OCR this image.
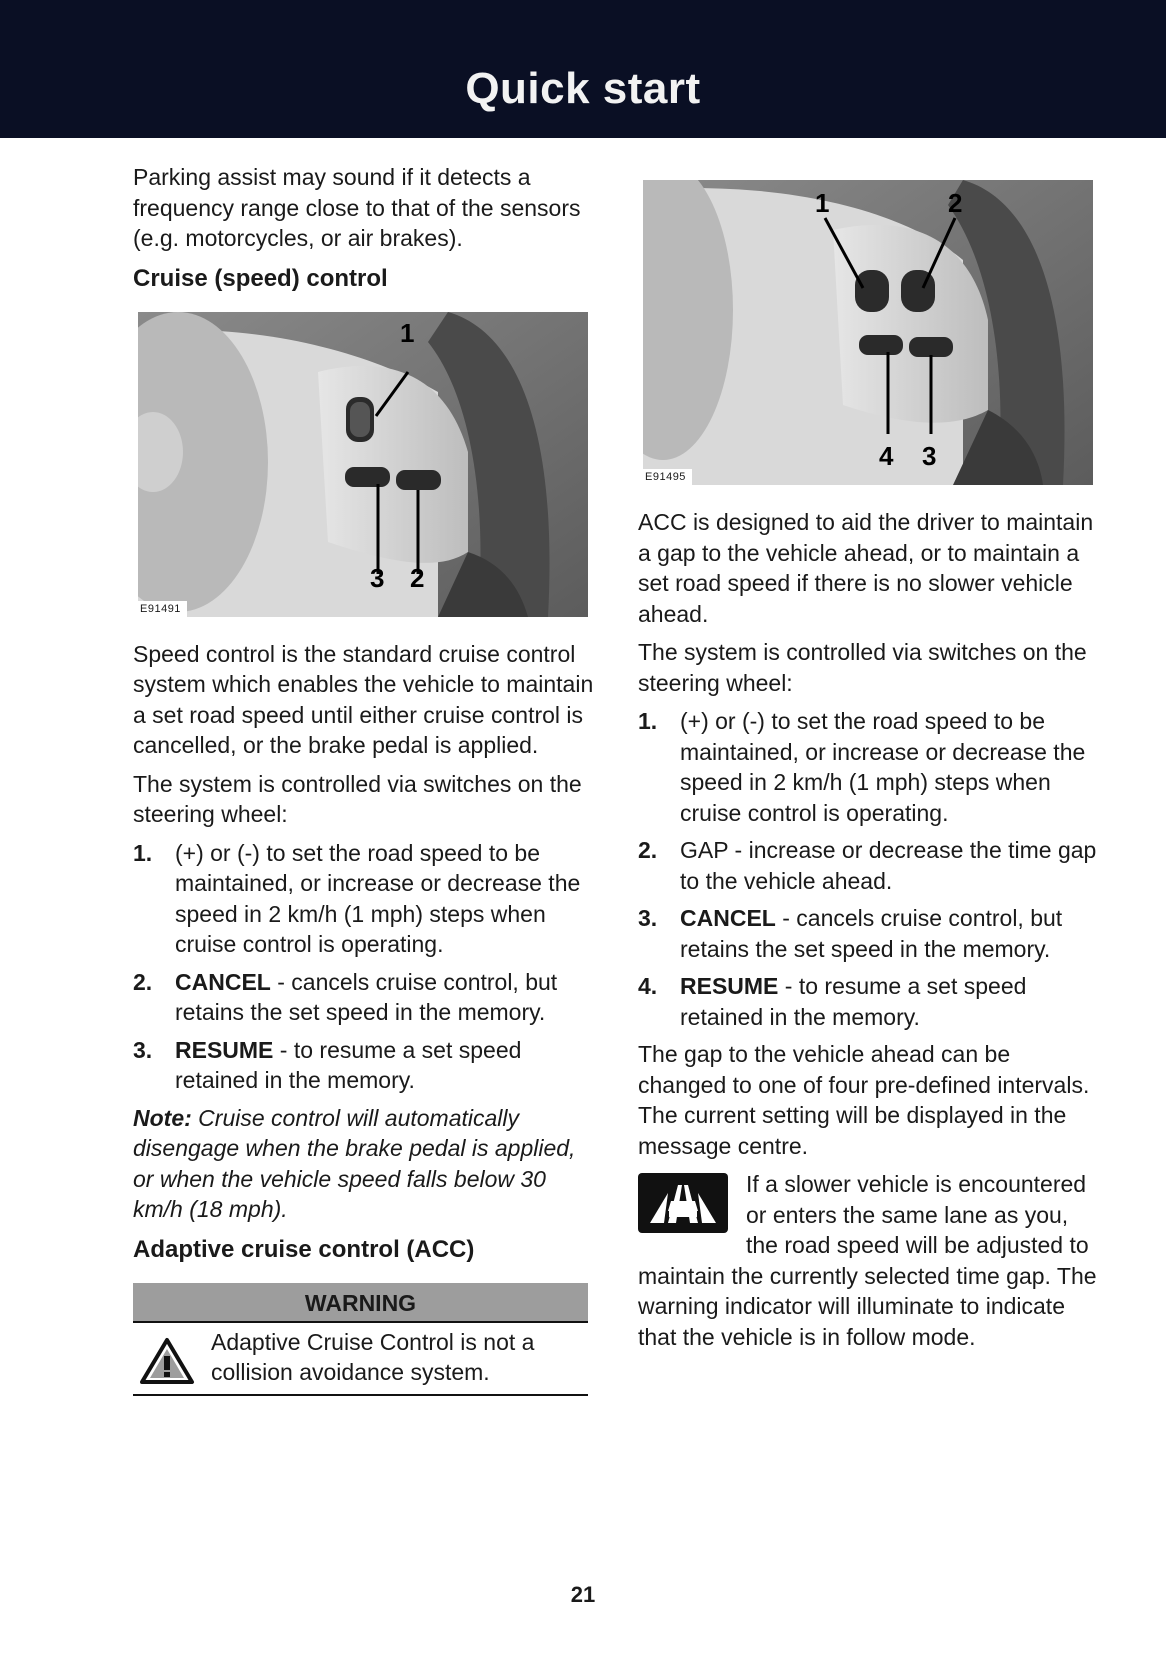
Quick start

Parking assist may sound if it detects a frequency range close to that of the sensors (e.g. motorcycles, or air brakes).

Cruise (speed) control
1
3 2
E91491

Speed control is the standard cruise control system which enables the vehicle to maintain a set road speed until either cruise control is cancelled, or the brake pedal is applied.

The system is controlled via switches on the steering wheel:

1. (+) or (-) to set the road speed to be maintained, or increase or decrease the speed in 2 km/h (1 mph) steps when cruise control is operating.
2. CANCEL - cancels cruise control, but retains the set speed in the memory.
3. RESUME - to resume a set speed retained in the memory.

Note: Cruise control will automatically disengage when the brake pedal is applied, or when the vehicle speed falls below 30 km/h (18 mph).

Adaptive cruise control (ACC)
WARNING
Adaptive Cruise Control is not a collision avoidance system.
1	2
4 3
E91495

ACC is designed to aid the driver to maintain a gap to the vehicle ahead, or to maintain a set road speed if there is no slower vehicle ahead.

The system is controlled via switches on the steering wheel:

1. (+) or (-) to set the road speed to be maintained, or increase or decrease the speed in 2 km/h (1 mph) steps when cruise control is operating.
2. GAP - increase or decrease the time gap to the vehicle ahead.
3. CANCEL - cancels cruise control, but retains the set speed in the memory.
4. RESUME - to resume a set speed retained in the memory.

The gap to the vehicle ahead can be changed to one of four pre-defined intervals. The current setting will be displayed in the message centre.

If a slower vehicle is encountered or enters the same lane as you, the road speed will be adjusted to maintain the currently selected time gap. The warning indicator will illuminate to indicate that the vehicle is in follow mode.

21
